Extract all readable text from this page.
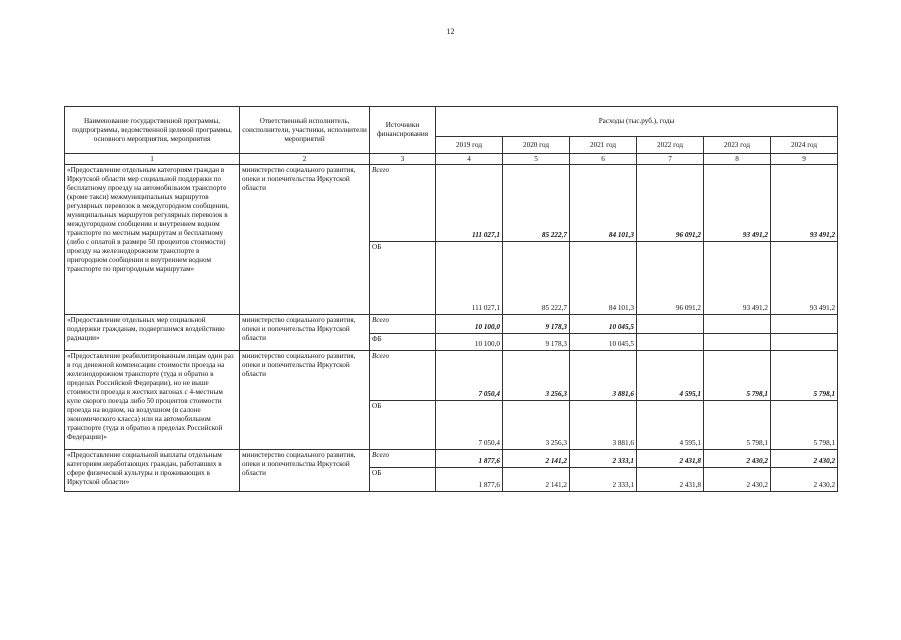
12
Наименование государственной программы, подпрограммы, ведомственной целевой программы, основного мероприятия, мероприятия	Ответственный исполнитель, соисполнители, участники, исполнители мероприятий	Источники финансирования	Расходы (тыс.руб.), годы					
			2019 год	2020 год	2021 год	2022 год	2023 год	2024 год
1	2	3	4	5	6	7	8	9
«Предоставление отдельным категориям граждан в Иркутской области мер социальной поддержки по бесплатному проезду на автомобильном транспорте (кроме такси) межмуниципальных маршрутов регулярных перевозок в междугородном сообщении, муниципальных маршрутов регулярных перевозок в междугородном сообщении и внутреннем водном транспорте по местным маршрутам и бесплатному (либо с оплатой в размере 50 процентов стоимости) проезду на железнодорожном транспорте в пригородном сообщении и внутреннем водном транспорте по пригородным маршрутам»	министерство социального развития, опеки и попечительства Иркутской области	Всего	111 027,1	85 222,7	84 101,3	96 091,2	93 491,2	93 491,2
		ОБ	111 027,1	85 222,7	84 101,3	96 091,2	93 491,2	93 491,2
«Предоставление отдельных мер социальной поддержки гражданам, подвергшимся воздействию радиации»	министерство социального развития, опеки и попечительства Иркутской области	Всего	10 100,0	9 178,3	10 045,5			
		ФБ	10 100,0	9 178,3	10 045,5			
«Предоставление реабилитированным лицам один раз в год денежной компенсации стоимости проезда на железнодорожном транспорте (туда и обратно в пределах Российской Федерации), но не выше стоимости проезда в жестких вагонах с 4-местным купе скорого поезда либо 50 процентов стоимости проезда на водном, на воздушном (в салоне экономического класса) или на автомобильном транспорте (туда и обратно в пределах Российской Федерации)»	министерство социального развития, опеки и попечительства Иркутской области	Всего	7 050,4	3 256,3	3 881,6	4 595,1	5 798,1	5 798,1
		ОБ	7 050,4	3 256,3	3 881,6	4 595,1	5 798,1	5 798,1
«Предоставление социальной выплаты отдельным категориям неработающих граждан, работавших в сфере физической культуры и проживающих в Иркутской области»	министерство социального развития, опеки и попечительства Иркутской области	Всего	1 877,6	2 141,2	2 333,1	2 431,8	2 430,2	2 430,2
		ОБ	1 877,6	2 141,2	2 333,1	2 431,8	2 430,2	2 430,2
